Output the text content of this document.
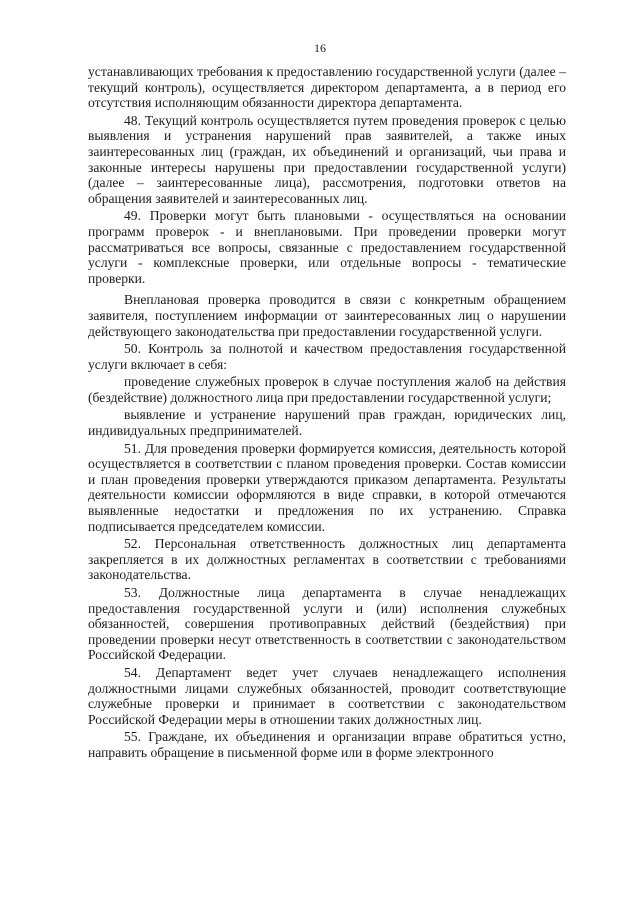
16

устанавливающих требования к предоставлению государственной услуги (далее – текущий контроль), осуществляется директором департамента, а в период его отсутствия исполняющим обязанности директора департамента.

48. Текущий контроль осуществляется путем проведения проверок с целью выявления и устранения нарушений прав заявителей, а также иных заинтересованных лиц (граждан, их объединений и организаций, чьи права и законные интересы нарушены при предоставлении государственной услуги) (далее – заинтересованные лица), рассмотрения, подготовки ответов на обращения заявителей и заинтересованных лиц.

49. Проверки могут быть плановыми - осуществляться на основании программ проверок - и внеплановыми. При проведении проверки могут рассматриваться все вопросы, связанные с предоставлением государственной услуги - комплексные проверки, или отдельные вопросы - тематические проверки.

Внеплановая проверка проводится в связи с конкретным обращением заявителя, поступлением информации от заинтересованных лиц о нарушении действующего законодательства при предоставлении государственной услуги.

50. Контроль за полнотой и качеством предоставления государственной услуги включает в себя:

проведение служебных проверок в случае поступления жалоб на действия (бездействие) должностного лица при предоставлении государственной услуги;

выявление и устранение нарушений прав граждан, юридических лиц, индивидуальных предпринимателей.

51. Для проведения проверки формируется комиссия, деятельность которой осуществляется в соответствии с планом проведения проверки. Состав комиссии и план проведения проверки утверждаются приказом департамента. Результаты деятельности комиссии оформляются в виде справки, в которой отмечаются выявленные недостатки и предложения по их устранению. Справка подписывается председателем комиссии.

52. Персональная ответственность должностных лиц департамента закрепляется в их должностных регламентах в соответствии с требованиями законодательства.

53. Должностные лица департамента в случае ненадлежащих предоставления государственной услуги и (или) исполнения служебных обязанностей, совершения противоправных действий (бездействия) при проведении проверки несут ответственность в соответствии с законодательством Российской Федерации.

54. Департамент ведет учет случаев ненадлежащего исполнения должностными лицами служебных обязанностей, проводит соответствующие служебные проверки и принимает в соответствии с законодательством Российской Федерации меры в отношении таких должностных лиц.

55. Граждане, их объединения и организации вправе обратиться устно, направить обращение в письменной форме или в форме электронного
